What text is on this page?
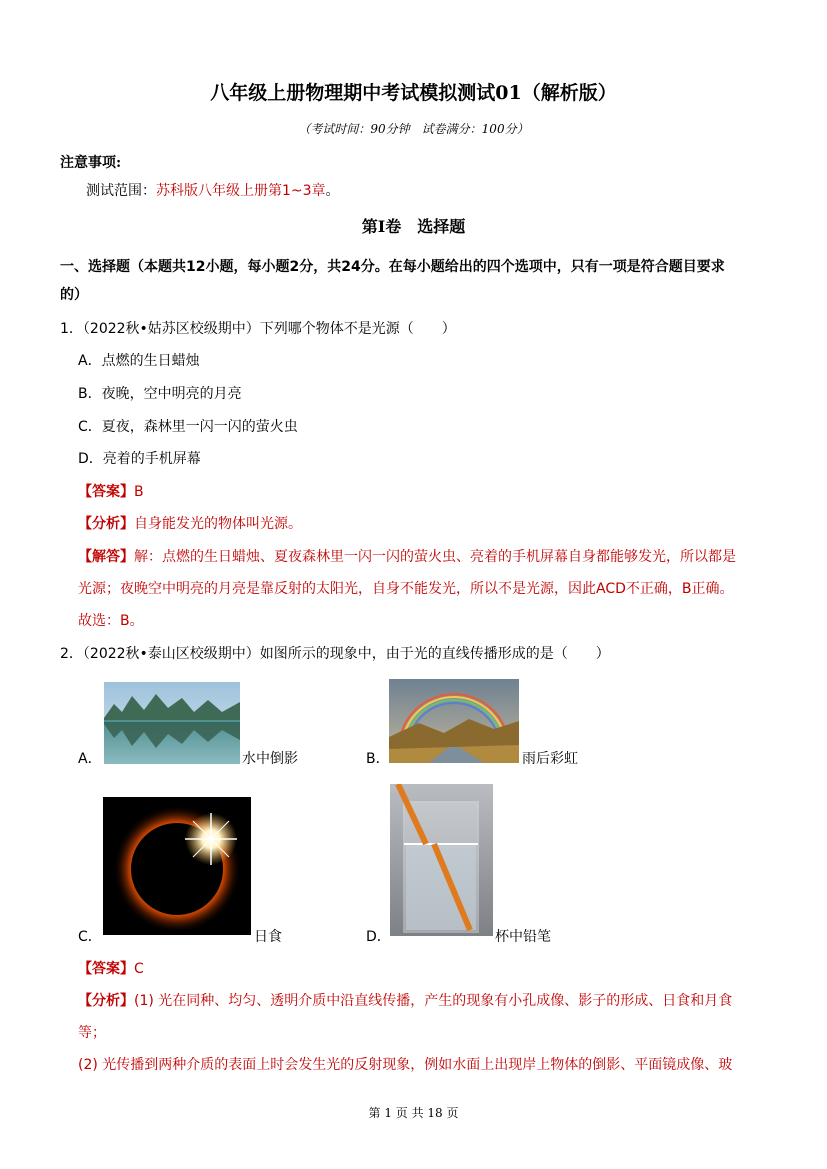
八年级上册物理期中考试模拟测试01（解析版）
（考试时间：90分钟　试卷满分：100分）
注意事项:
测试范围：苏科版八年级上册第1~3章。
第Ⅰ卷　选择题
一、选择题（本题共12小题，每小题2分，共24分。在每小题给出的四个选项中，只有一项是符合题目要求
的）
1．（2022秋•姑苏区校级期中）下列哪个物体不是光源（　　）
A．点燃的生日蜡烛
B．夜晚，空中明亮的月亮
C．夏夜，森林里一闪一闪的萤火虫
D．亮着的手机屏幕
【答案】B
【分析】自身能发光的物体叫光源。
【解答】解：点燃的生日蜡烛、夏夜森林里一闪一闪的萤火虫、亮着的手机屏幕自身都能够发光，所以都是
光源；夜晚空中明亮的月亮是靠反射的太阳光，自身不能发光，所以不是光源，因此ACD不正确，B正确。
故选：B。
2．（2022秋•泰山区校级期中）如图所示的现象中，由于光的直线传播形成的是（　　）
A．	水中倒影	B．	雨后彩虹
C．	日食	D．	杯中铅笔
【答案】C
【分析】(1) 光在同种、均匀、透明介质中沿直线传播，产生的现象有小孔成像、影子的形成、日食和月食
等；
(2) 光传播到两种介质的表面上时会发生光的反射现象，例如水面上出现岸上物体的倒影、平面镜成像、玻
第 1 页 共 18 页
